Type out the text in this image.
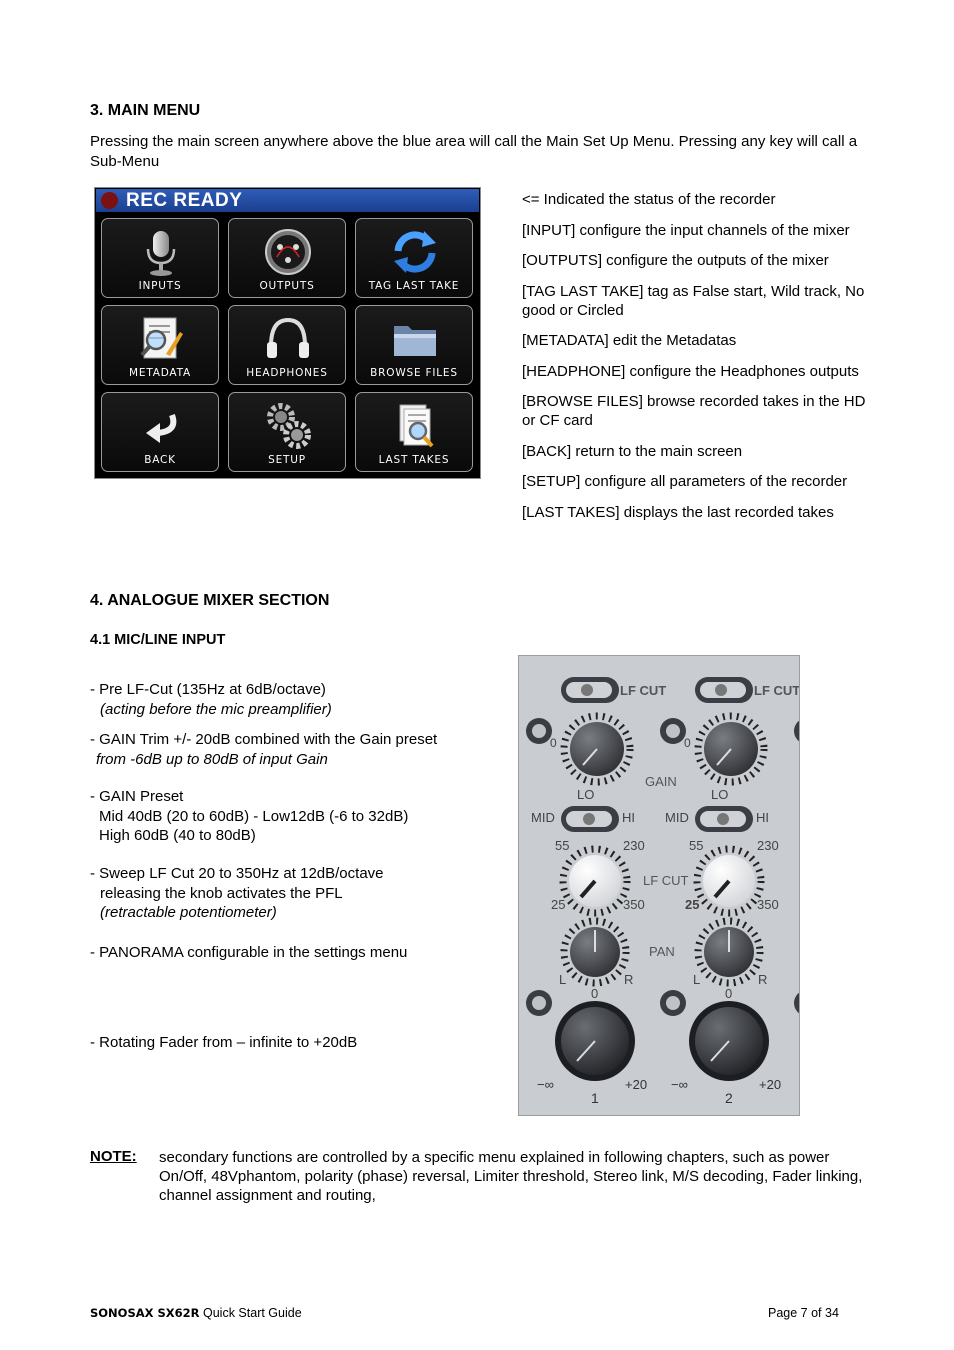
3. MAIN MENU
Pressing the main screen anywhere above the blue area will call the Main Set Up Menu. Pressing any key will call a Sub-Menu
REC READY
INPUTS	OUTPUTS	TAG LAST TAKE
METADATA	HEADPHONES	BROWSE FILES
BACK	SETUP	LAST TAKES

<= Indicated the status of the recorder

[INPUT] configure the input channels of the mixer

[OUTPUTS] configure the outputs of the mixer

[TAG LAST TAKE] tag as False start, Wild track, No good or Circled

[METADATA] edit the Metadatas

[HEADPHONE] configure the Headphones outputs

[BROWSE FILES] browse recorded takes in the HD or CF card

[BACK] return to the main screen

[SETUP] configure all parameters of the recorder

[LAST TAKES] displays the last recorded takes

4. ANALOGUE MIXER SECTION
4.1 MIC/LINE INPUT
- Pre LF-Cut (135Hz at 6dB/octave)
(acting before the mic preamplifier)
- GAIN Trim +/- 20dB combined with the Gain preset
from -6dB up to 80dB of input Gain
- GAIN Preset
Mid 40dB (20 to 60dB) - Low12dB (-6 to 32dB)
High 60dB (40 to 80dB)
- Sweep LF Cut 20 to 350Hz at 12dB/octave
releasing the knob activates the PFL
(retractable potentiometer)
- PANORAMA configurable in the settings menu
- Rotating Fader from – infinite to +20dB
LF CUT
0
LO
MID	HI
55	230
25	350
L	R
0
−∞	+20
1
GAIN
LF CUT
PAN
LF CUT
0
LO
MID	HI
55	230
25	350
L	R
0
−∞	+20
2
NOTE: secondary functions are controlled by a specific menu explained in following chapters, such as power On/Off, 48Vphantom, polarity (phase) reversal, Limiter threshold, Stereo link, M/S decoding, Fader linking, channel assignment and routing,
SONOSAX SX62R Quick Start Guide	Page 7 of 34
